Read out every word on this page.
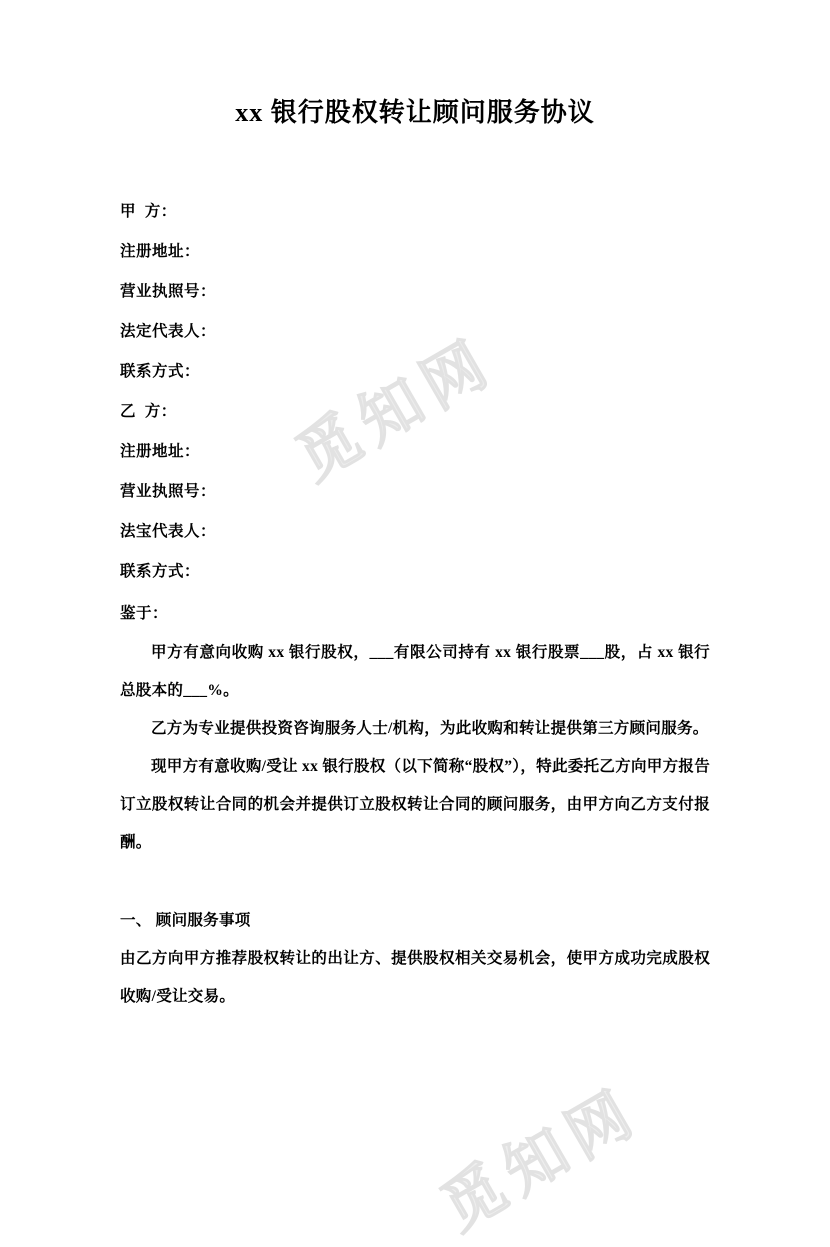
觅知网
觅知网
xx 银行股权转让顾问服务协议
甲  方：
注册地址：
营业执照号：
法定代表人：
联系方式：
乙  方：
注册地址：
营业执照号：
法宝代表人：
联系方式：
鉴于：

甲方有意向收购 xx 银行股权，___有限公司持有 xx 银行股票___股，占 xx 银行总股本的___%。

乙方为专业提供投资咨询服务人士/机构，为此收购和转让提供第三方顾问服务。

现甲方有意收购/受让 xx 银行股权（以下简称“股权”），特此委托乙方向甲方报告订立股权转让合同的机会并提供订立股权转让合同的顾问服务，由甲方向乙方支付报酬。

一、 顾问服务事项

由乙方向甲方推荐股权转让的出让方、提供股权相关交易机会，使甲方成功完成股权收购/受让交易。
